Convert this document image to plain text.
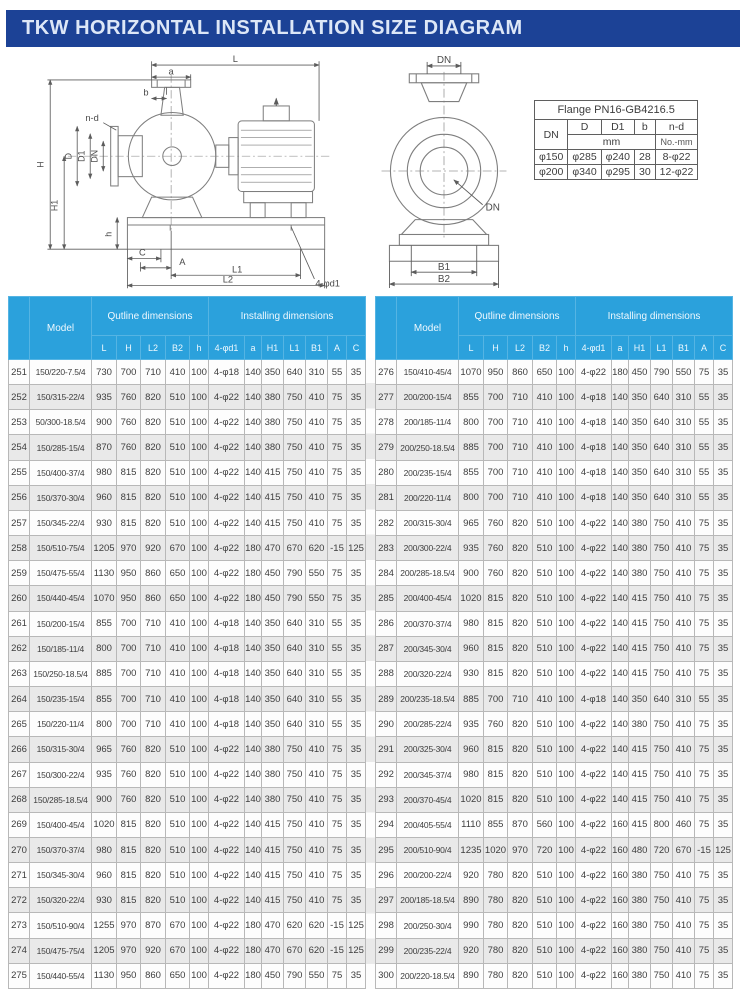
TKW HORIZONTAL INSTALLATION SIZE DIAGRAM
L
a
b
n-d
H
H1
D D1 DN
h
C
A
L1
L2	4-φd1
DN
DN
B1
B2
Flange PN16-GB4216.5				
DN	D	D1	b	n-d
	mm			No.-mm
φ150	φ285	φ240	28	8-φ22
φ200	φ340	φ295	30	12-φ22
	Model	Qutline dimensions					Installing dimensions						
		L	H	L2	B2	h	4-φd1	a	H1	L1	B1	A	C
251	150/220-7.5/4	730	700	710	410	100	4-φ18	140	350	640	310	55	35
252	150/315-22/4	935	760	820	510	100	4-φ22	140	380	750	410	75	35
253	50/300-18.5/4	900	760	820	510	100	4-φ22	140	380	750	410	75	35
254	150/285-15/4	870	760	820	510	100	4-φ22	140	380	750	410	75	35
255	150/400-37/4	980	815	820	510	100	4-φ22	140	415	750	410	75	35
256	150/370-30/4	960	815	820	510	100	4-φ22	140	415	750	410	75	35
257	150/345-22/4	930	815	820	510	100	4-φ22	140	415	750	410	75	35
258	150/510-75/4	1205	970	920	670	100	4-φ22	180	470	670	620	-15	125
259	150/475-55/4	1130	950	860	650	100	4-φ22	180	450	790	550	75	35
260	150/440-45/4	1070	950	860	650	100	4-φ22	180	450	790	550	75	35
261	150/200-15/4	855	700	710	410	100	4-φ18	140	350	640	310	55	35
262	150/185-11/4	800	700	710	410	100	4-φ18	140	350	640	310	55	35
263	150/250-18.5/4	885	700	710	410	100	4-φ18	140	350	640	310	55	35
264	150/235-15/4	855	700	710	410	100	4-φ18	140	350	640	310	55	35
265	150/220-11/4	800	700	710	410	100	4-φ18	140	350	640	310	55	35
266	150/315-30/4	965	760	820	510	100	4-φ22	140	380	750	410	75	35
267	150/300-22/4	935	760	820	510	100	4-φ22	140	380	750	410	75	35
268	150/285-18.5/4	900	760	820	510	100	4-φ22	140	380	750	410	75	35
269	150/400-45/4	1020	815	820	510	100	4-φ22	140	415	750	410	75	35
270	150/370-37/4	980	815	820	510	100	4-φ22	140	415	750	410	75	35
271	150/345-30/4	960	815	820	510	100	4-φ22	140	415	750	410	75	35
272	150/320-22/4	930	815	820	510	100	4-φ22	140	415	750	410	75	35
273	150/510-90/4	1255	970	870	670	100	4-φ22	180	470	620	620	-15	125
274	150/475-75/4	1205	970	920	670	100	4-φ22	180	470	670	620	-15	125
275	150/440-55/4	1130	950	860	650	100	4-φ22	180	450	790	550	75	35
	Model	Qutline dimensions					Installing dimensions						
		L	H	L2	B2	h	4-φd1	a	H1	L1	B1	A	C
276	150/410-45/4	1070	950	860	650	100	4-φ22	180	450	790	550	75	35
277	200/200-15/4	855	700	710	410	100	4-φ18	140	350	640	310	55	35
278	200/185-11/4	800	700	710	410	100	4-φ18	140	350	640	310	55	35
279	200/250-18.5/4	885	700	710	410	100	4-φ18	140	350	640	310	55	35
280	200/235-15/4	855	700	710	410	100	4-φ18	140	350	640	310	55	35
281	200/220-11/4	800	700	710	410	100	4-φ18	140	350	640	310	55	35
282	200/315-30/4	965	760	820	510	100	4-φ22	140	380	750	410	75	35
283	200/300-22/4	935	760	820	510	100	4-φ22	140	380	750	410	75	35
284	200/285-18.5/4	900	760	820	510	100	4-φ22	140	380	750	410	75	35
285	200/400-45/4	1020	815	820	510	100	4-φ22	140	415	750	410	75	35
286	200/370-37/4	980	815	820	510	100	4-φ22	140	415	750	410	75	35
287	200/345-30/4	960	815	820	510	100	4-φ22	140	415	750	410	75	35
288	200/320-22/4	930	815	820	510	100	4-φ22	140	415	750	410	75	35
289	200/235-18.5/4	885	700	710	410	100	4-φ18	140	350	640	310	55	35
290	200/285-22/4	935	760	820	510	100	4-φ22	140	380	750	410	75	35
291	200/325-30/4	960	815	820	510	100	4-φ22	140	415	750	410	75	35
292	200/345-37/4	980	815	820	510	100	4-φ22	140	415	750	410	75	35
293	200/370-45/4	1020	815	820	510	100	4-φ22	140	415	750	410	75	35
294	200/405-55/4	1110	855	870	560	100	4-φ22	160	415	800	460	75	35
295	200/510-90/4	1235	1020	970	720	100	4-φ22	160	480	720	670	-15	125
296	200/200-22/4	920	780	820	510	100	4-φ22	160	380	750	410	75	35
297	200/185-18.5/4	890	780	820	510	100	4-φ22	160	380	750	410	75	35
298	200/250-30/4	990	780	820	510	100	4-φ22	160	380	750	410	75	35
299	200/235-22/4	920	780	820	510	100	4-φ22	160	380	750	410	75	35
300	200/220-18.5/4	890	780	820	510	100	4-φ22	160	380	750	410	75	35
